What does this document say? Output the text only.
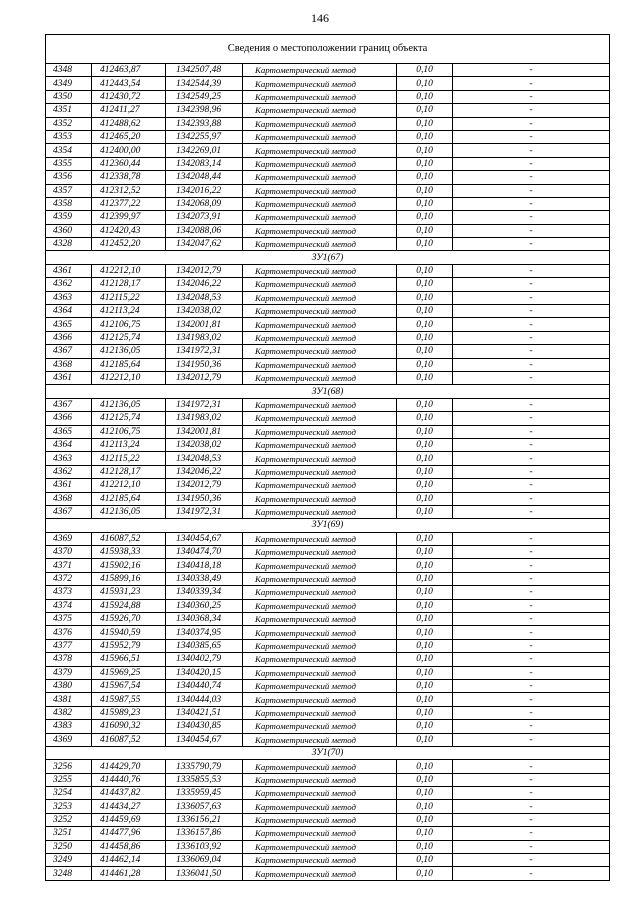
146
Сведения о местоположении границ объекта					
4348	412463,87	1342507,48	Картометрический метод	0,10	-
4349	412443,54	1342544,39	Картометрический метод	0,10	-
4350	412430,72	1342549,25	Картометрический метод	0,10	-
4351	412411,27	1342398,96	Картометрический метод	0,10	-
4352	412488,62	1342393,88	Картометрический метод	0,10	-
4353	412465,20	1342255,97	Картометрический метод	0,10	-
4354	412400,00	1342269,01	Картометрический метод	0,10	-
4355	412360,44	1342083,14	Картометрический метод	0,10	-
4356	412338,78	1342048,44	Картометрический метод	0,10	-
4357	412312,52	1342016,22	Картометрический метод	0,10	-
4358	412377,22	1342068,09	Картометрический метод	0,10	-
4359	412399,97	1342073,91	Картометрический метод	0,10	-
4360	412420,43	1342088,06	Картометрический метод	0,10	-
4328	412452,20	1342047,62	Картометрический метод	0,10	-
ЗУ1(67)					
4361	412212,10	1342012,79	Картометрический метод	0,10	-
4362	412128,17	1342046,22	Картометрический метод	0,10	-
4363	412115,22	1342048,53	Картометрический метод	0,10	-
4364	412113,24	1342038,02	Картометрический метод	0,10	-
4365	412106,75	1342001,81	Картометрический метод	0,10	-
4366	412125,74	1341983,02	Картометрический метод	0,10	-
4367	412136,05	1341972,31	Картометрический метод	0,10	-
4368	412185,64	1341950,36	Картометрический метод	0,10	-
4361	412212,10	1342012,79	Картометрический метод	0,10	-
ЗУ1(68)					
4367	412136,05	1341972,31	Картометрический метод	0,10	-
4366	412125,74	1341983,02	Картометрический метод	0,10	-
4365	412106,75	1342001,81	Картометрический метод	0,10	-
4364	412113,24	1342038,02	Картометрический метод	0,10	-
4363	412115,22	1342048,53	Картометрический метод	0,10	-
4362	412128,17	1342046,22	Картометрический метод	0,10	-
4361	412212,10	1342012,79	Картометрический метод	0,10	-
4368	412185,64	1341950,36	Картометрический метод	0,10	-
4367	412136,05	1341972,31	Картометрический метод	0,10	-
ЗУ1(69)					
4369	416087,52	1340454,67	Картометрический метод	0,10	-
4370	415938,33	1340474,70	Картометрический метод	0,10	-
4371	415902,16	1340418,18	Картометрический метод	0,10	-
4372	415899,16	1340338,49	Картометрический метод	0,10	-
4373	415931,23	1340339,34	Картометрический метод	0,10	-
4374	415924,88	1340360,25	Картометрический метод	0,10	-
4375	415926,70	1340368,34	Картометрический метод	0,10	-
4376	415940,59	1340374,95	Картометрический метод	0,10	-
4377	415952,79	1340385,65	Картометрический метод	0,10	-
4378	415966,51	1340402,79	Картометрический метод	0,10	-
4379	415969,25	1340420,15	Картометрический метод	0,10	-
4380	415967,54	1340440,74	Картометрический метод	0,10	-
4381	415987,55	1340444,03	Картометрический метод	0,10	-
4382	415989,23	1340421,51	Картометрический метод	0,10	-
4383	416090,32	1340430,85	Картометрический метод	0,10	-
4369	416087,52	1340454,67	Картометрический метод	0,10	-
ЗУ1(70)					
3256	414429,70	1335790,79	Картометрический метод	0,10	-
3255	414440,76	1335855,53	Картометрический метод	0,10	-
3254	414437,82	1335959,45	Картометрический метод	0,10	-
3253	414434,27	1336057,63	Картометрический метод	0,10	-
3252	414459,69	1336156,21	Картометрический метод	0,10	-
3251	414477,96	1336157,86	Картометрический метод	0,10	-
3250	414458,86	1336103,92	Картометрический метод	0,10	-
3249	414462,14	1336069,04	Картометрический метод	0,10	-
3248	414461,28	1336041,50	Картометрический метод	0,10	-
